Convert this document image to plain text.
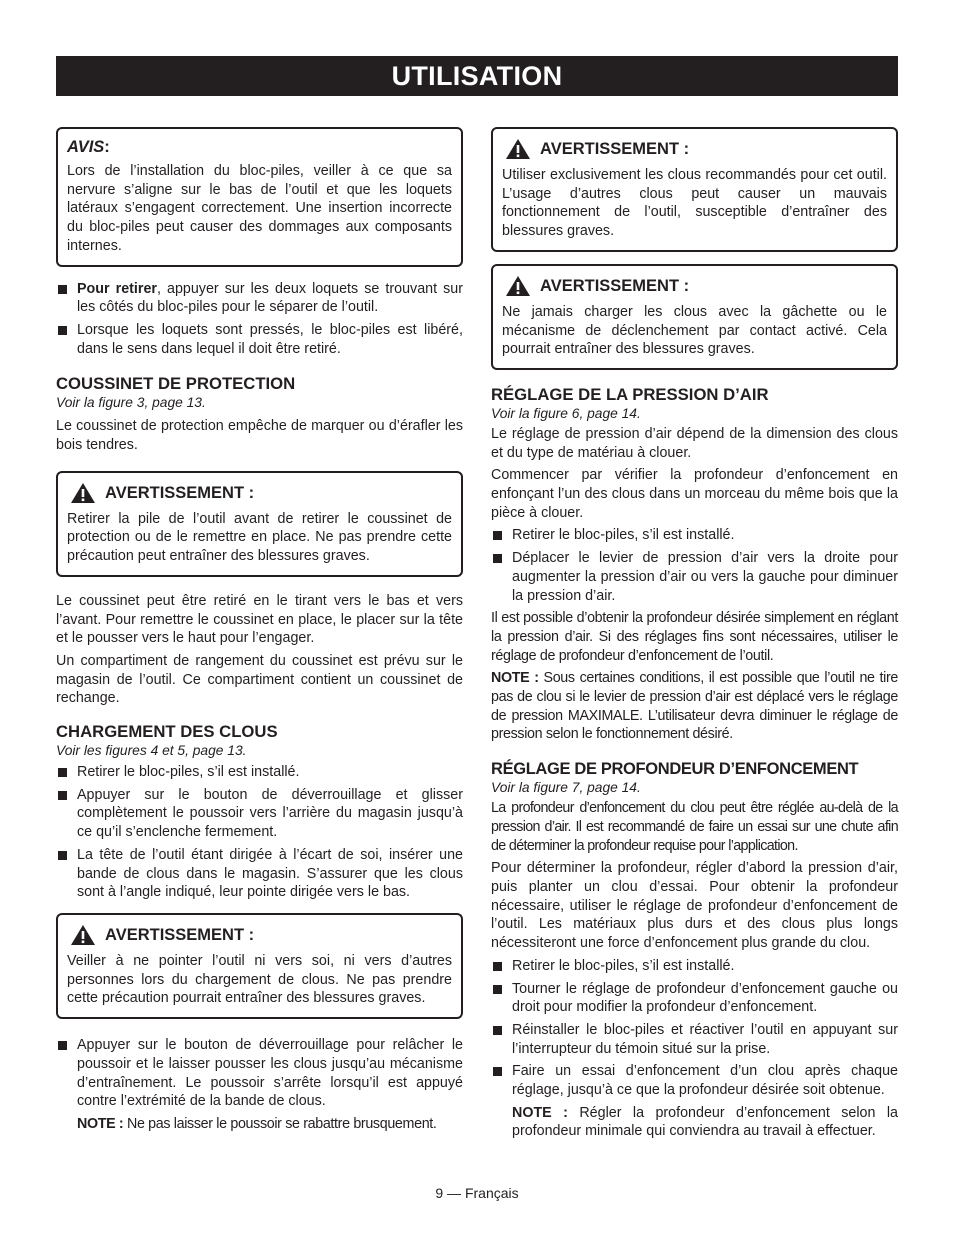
UTILISATION
AVIS :

Lors de l’installation du bloc-piles, veiller à ce que sa nervure s’aligne sur le bas de l’outil et que les loquets latéraux s’engagent correctement. Une insertion incorrecte du bloc-piles peut causer des dommages aux composants internes.

Pour retirer, appuyer sur les deux loquets se trouvant sur les côtés du bloc-piles pour le séparer de l’outil.
Lorsque les loquets sont pressés, le bloc-piles est libéré, dans le sens dans lequel il doit être retiré.
COUSSINET DE PROTECTION
Voir la figure 3, page 13.

Le coussinet de protection empêche de marquer ou d’érafler les bois tendres.

AVERTISSEMENT :

Retirer la pile de l’outil avant de retirer le coussinet de protection ou de le remettre en place. Ne pas prendre cette précaution peut entraîner des blessures graves.

Le coussinet peut être retiré en le tirant vers le bas et vers l’avant. Pour remettre le coussinet en place, le placer sur la tête et le pousser vers le haut pour l’engager.

Un compartiment de rangement du coussinet est prévu sur le magasin de l’outil. Ce compartiment contient un coussinet de rechange.

CHARGEMENT DES CLOUS
Voir les figures 4 et 5, page 13.
Retirer le bloc-piles, s’il est installé.
Appuyer sur le bouton de déverrouillage et glisser complètement le poussoir vers l’arrière du magasin jusqu’à ce qu’il s’enclenche fermement.
La tête de l’outil étant dirigée à l’écart de soi, insérer une bande de clous dans le magasin. S’assurer que les clous sont à l’angle indiqué, leur pointe dirigée vers le bas.
AVERTISSEMENT :

Veiller à ne pointer l’outil ni vers soi, ni vers d’autres personnes lors du chargement de clous. Ne pas prendre cette précaution pourrait entraîner des blessures graves.

Appuyer sur le bouton de déverrouillage pour relâcher le poussoir et le laisser pousser les clous jusqu’au mécanisme d’entraînement. Le poussoir s’arrête lorsqu’il est appuyé contre l’extrémité de la bande de clous.

NOTE : Ne pas laisser le poussoir se rabattre brusquement.

AVERTISSEMENT :

Utiliser exclusivement les clous recommandés pour cet outil. L’usage d’autres clous peut causer un mauvais fonctionnement de l’outil, susceptible d’entraîner des blessures graves.

AVERTISSEMENT :

Ne jamais charger les clous avec la gâchette ou le mécanisme de déclenchement par contact activé. Cela pourrait entraîner des blessures graves.

RÉGLAGE DE LA PRESSION D’AIR
Voir la figure 6, page 14.

Le réglage de pression d’air dépend de la dimension des clous et du type de matériau à clouer.

Commencer par vérifier la profondeur d’enfoncement en enfonçant l’un des clous dans un morceau du même bois que la pièce à clouer.

Retirer le bloc-piles, s’il est installé.
Déplacer le levier de pression d’air vers la droite pour augmenter la pression d’air ou vers la gauche pour diminuer la pression d’air.

Il est possible d’obtenir la profondeur désirée simplement en réglant la pression d’air. Si des réglages fins sont nécessaires, utiliser le réglage de profondeur d’enfoncement de l’outil.

NOTE : Sous certaines conditions, il est possible que l’outil ne tire pas de clou si le levier de pression d’air est déplacé vers le réglage de pression MAXIMALE. L’utilisateur devra diminuer le réglage de pression selon le fonctionnement désiré.

RÉGLAGE DE PROFONDEUR D’ENFONCEMENT
Voir la figure 7, page 14.

La profondeur d’enfoncement du clou peut être réglée au-delà de la pression d’air. Il est recommandé de faire un essai sur une chute afin de déterminer la profondeur requise pour l’application.

Pour déterminer la profondeur, régler d’abord la pression d’air, puis planter un clou d’essai. Pour obtenir la profondeur nécessaire, utiliser le réglage de profondeur d’enfoncement de l’outil. Les matériaux plus durs et des clous plus longs nécessiteront une force d’enfoncement plus grande du clou.

Retirer le bloc-piles, s’il est installé.
Tourner le réglage de profondeur d’enfoncement gauche ou droit pour modifier la profondeur d’enfoncement.
Réinstaller le bloc-piles et réactiver l’outil en appuyant sur l’interrupteur du témoin situé sur la prise.
Faire un essai d’enfoncement d’un clou après chaque réglage, jusqu’à ce que la profondeur désirée soit obtenue.

NOTE : Régler la profondeur d’enfoncement selon la profondeur minimale qui conviendra au travail à effectuer.

9 — Français
